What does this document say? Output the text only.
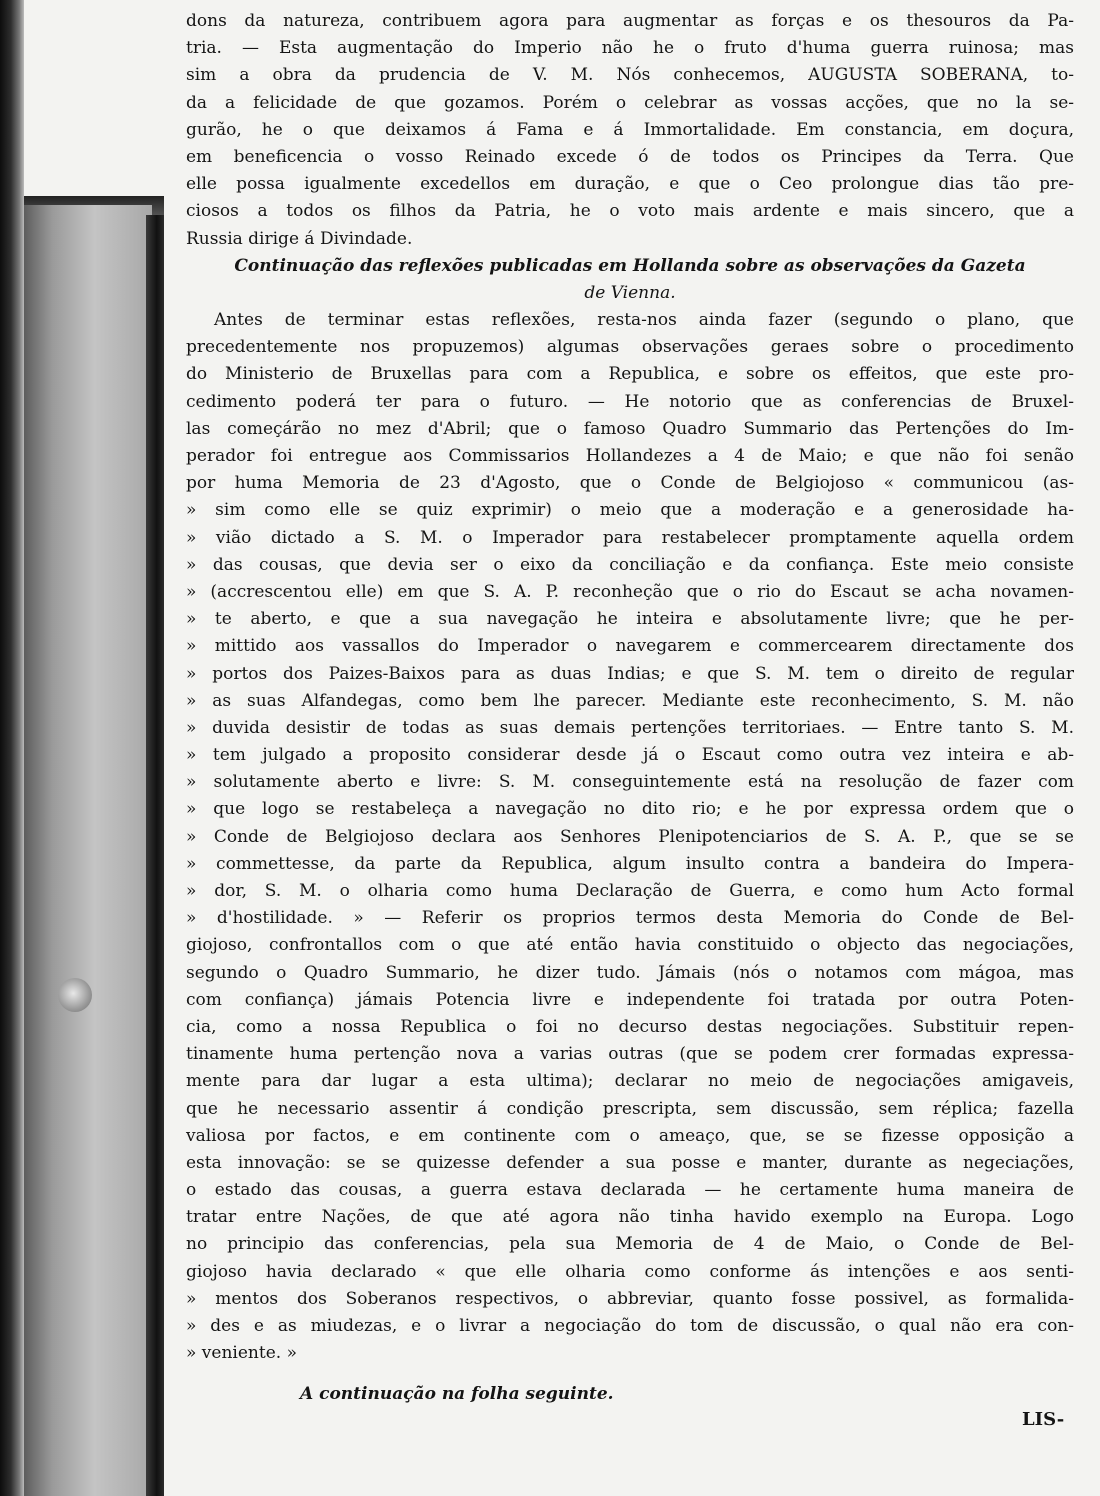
dons da natureza, contribuem agora para augmentar as forças e os thesouros da Pa-
tria. — Esta augmentação do Imperio não he o fruto d'huma guerra ruinosa; mas
sim a obra da prudencia de V. M. Nós conhecemos, AUGUSTA SOBERANA, to-
da a felicidade de que gozamos. Porém o celebrar as vossas acções, que no la se-
gurão, he o que deixamos á Fama e á Immortalidade. Em constancia, em doçura,
em beneficencia o vosso Reinado excede ó de todos os Principes da Terra. Que
elle possa igualmente excedellos em duração, e que o Ceo prolongue dias tão pre-
ciosos a todos os filhos da Patria, he o voto mais ardente e mais sincero, que a
Russia dirige á Divindade.
Continuação das reflexões publicadas em Hollanda sobre as observações da Gazeta
de Vienna.
Antes de terminar estas reflexões, resta-nos ainda fazer (segundo o plano, que
precedentemente nos propuzemos) algumas observações geraes sobre o procedimento
do Ministerio de Bruxellas para com a Republica, e sobre os effeitos, que este pro-
cedimento poderá ter para o futuro. — He notorio que as conferencias de Bruxel-
las começárão no mez d'Abril; que o famoso Quadro Summario das Pertenções do Im-
perador foi entregue aos Commissarios Hollandezes a 4 de Maio; e que não foi senão
por huma Memoria de 23 d'Agosto, que o Conde de Belgiojoso « communicou (as-
» sim como elle se quiz exprimir) o meio que a moderação e a generosidade ha-
» vião dictado a S. M. o Imperador para restabelecer promptamente aquella ordem
» das cousas, que devia ser o eixo da conciliação e da confiança. Este meio consiste
» (accrescentou elle) em que S. A. P. reconheção que o rio do Escaut se acha novamen-
» te aberto, e que a sua navegação he inteira e absolutamente livre; que he per-
» mittido aos vassallos do Imperador o navegarem e commercearem directamente dos
» portos dos Paizes-Baixos para as duas Indias; e que S. M. tem o direito de regular
» as suas Alfandegas, como bem lhe parecer. Mediante este reconhecimento, S. M. não
» duvida desistir de todas as suas demais pertenções territoriaes. — Entre tanto S. M.
» tem julgado a proposito considerar desde já o Escaut como outra vez inteira e ab-
» solutamente aberto e livre: S. M. conseguintemente está na resolução de fazer com
» que logo se restabeleça a navegação no dito rio; e he por expressa ordem que o
» Conde de Belgiojoso declara aos Senhores Plenipotenciarios de S. A. P., que se se
» commettesse, da parte da Republica, algum insulto contra a bandeira do Impera-
» dor, S. M. o olharia como huma Declaração de Guerra, e como hum Acto formal
» d'hostilidade. » — Referir os proprios termos desta Memoria do Conde de Bel-
giojoso, confrontallos com o que até então havia constituido o objecto das negociações,
segundo o Quadro Summario, he dizer tudo. Jámais (nós o notamos com mágoa, mas
com confiança) jámais Potencia livre e independente foi tratada por outra Poten-
cia, como a nossa Republica o foi no decurso destas negociações. Substituir repen-
tinamente huma pertenção nova a varias outras (que se podem crer formadas expressa-
mente para dar lugar a esta ultima); declarar no meio de negociações amigaveis,
que he necessario assentir á condição prescripta, sem discussão, sem réplica; fazella
valiosa por factos, e em continente com o ameaço, que, se se fizesse opposição a
esta innovação: se se quizesse defender a sua posse e manter, durante as negeciações,
o estado das cousas, a guerra estava declarada — he certamente huma maneira de
tratar entre Nações, de que até agora não tinha havido exemplo na Europa. Logo
no principio das conferencias, pela sua Memoria de 4 de Maio, o Conde de Bel-
giojoso havia declarado « que elle olharia como conforme ás intenções e aos senti-
» mentos dos Soberanos respectivos, o abbreviar, quanto fosse possivel, as formalida-
» des e as miudezas, e o livrar a negociação do tom de discussão, o qual não era con-
» veniente. »
A continuação na folha seguinte.
LIS-
